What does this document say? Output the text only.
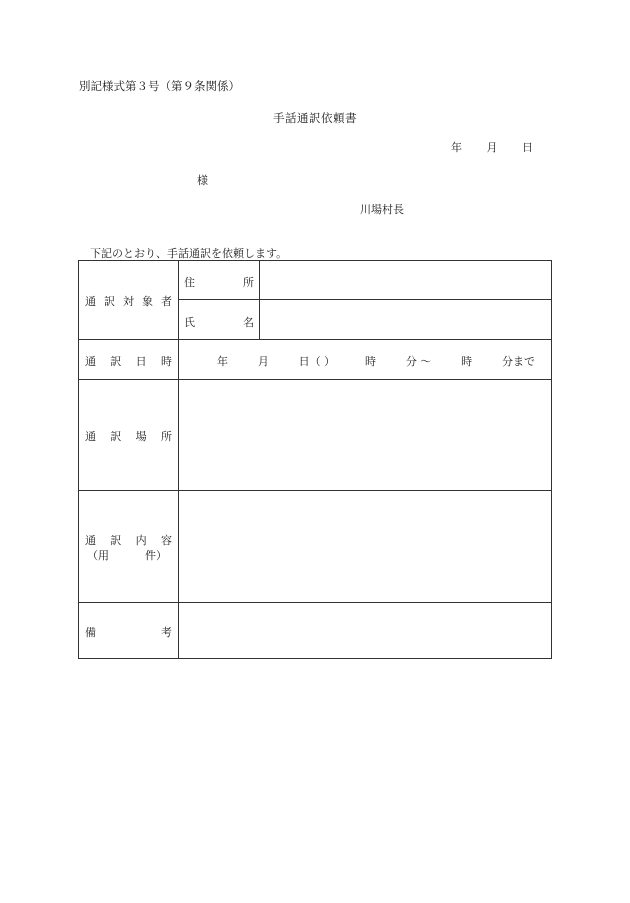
別記様式第３号（第９条関係）
手話通訳依頼書
年 月 日
様
川場村長
下記のとおり、手話通訳を依頼します。
通 訳 対 象 者
住	所
氏	名
通 訳 日 時	年	月	日（ ）	時	分 ～	時	分まで
通 訳 場 所
通 訳 内 容
（用	件）
備	考
